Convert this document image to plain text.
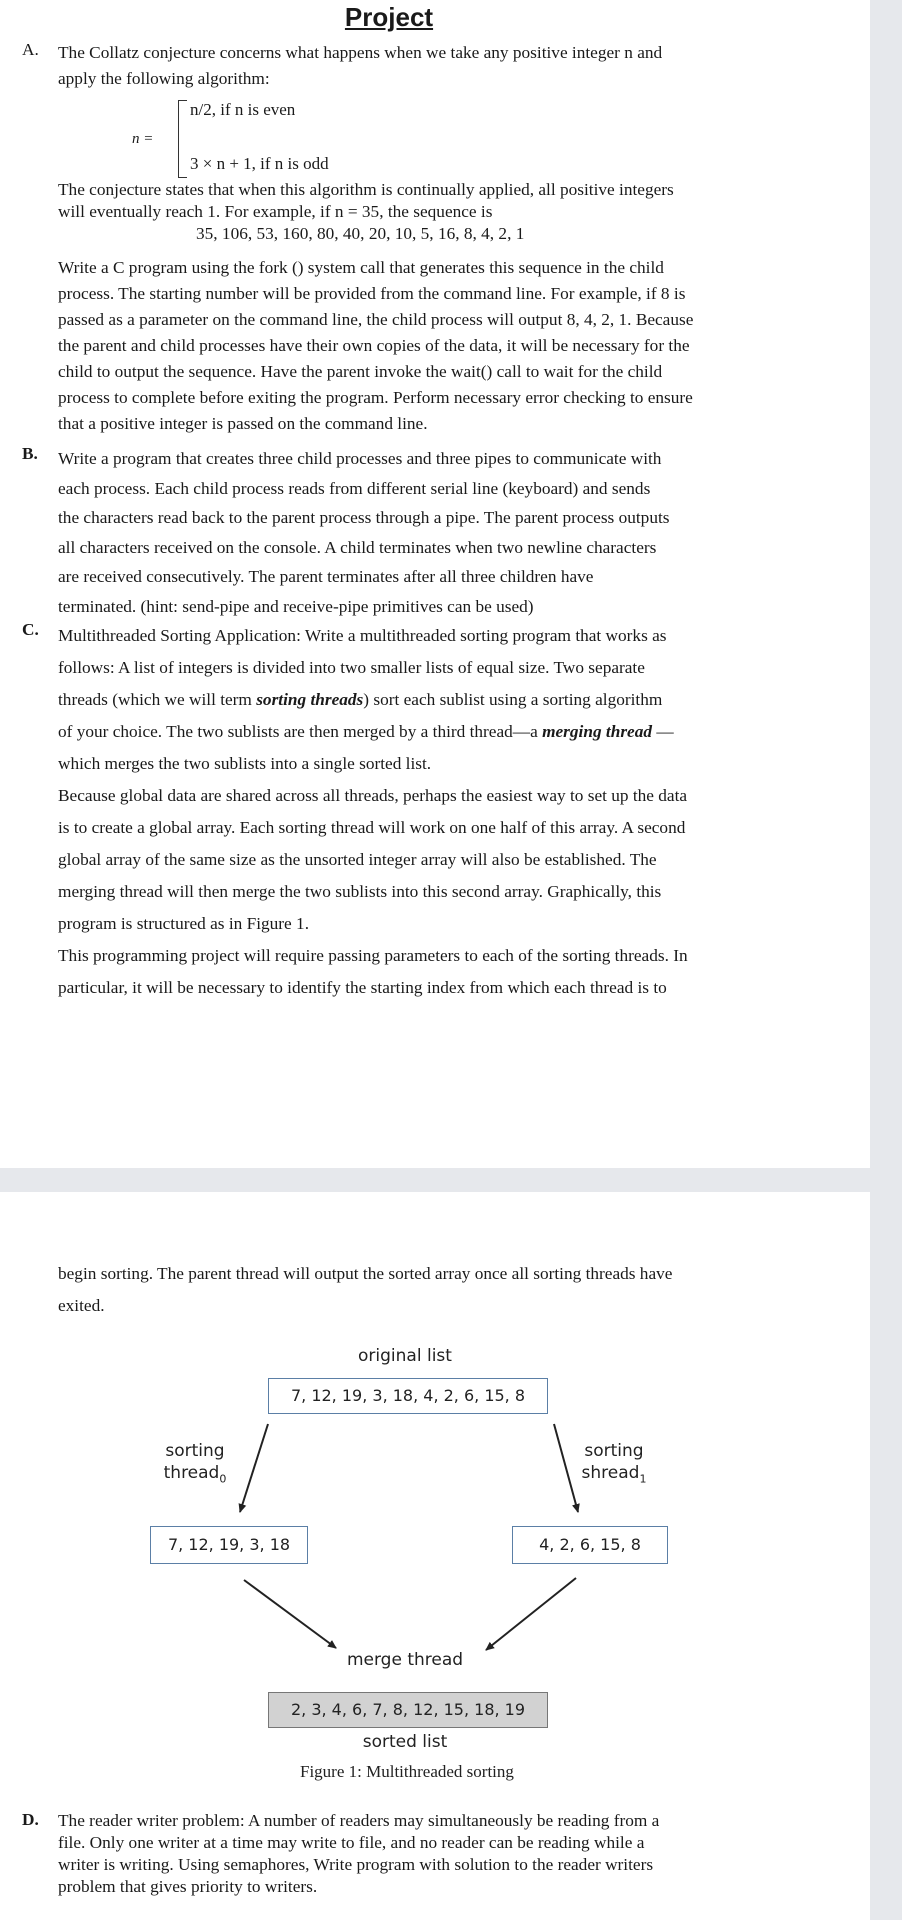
Project
A. The Collatz conjecture concerns what happens when we take any positive integer n and
apply the following algorithm:
n =
n/2, if n is even
3 × n + 1, if n is odd
The conjecture states that when this algorithm is continually applied, all positive integers
will eventually reach 1. For example, if n = 35, the sequence is
35, 106, 53, 160, 80, 40, 20, 10, 5, 16, 8, 4, 2, 1
Write a C program using the fork () system call that generates this sequence in the child
process. The starting number will be provided from the command line. For example, if 8 is
passed as a parameter on the command line, the child process will output 8, 4, 2, 1. Because
the parent and child processes have their own copies of the data, it will be necessary for the
child to output the sequence. Have the parent invoke the wait() call to wait for the child
process to complete before exiting the program. Perform necessary error checking to ensure
that a positive integer is passed on the command line.
B. Write a program that creates three child processes and three pipes to communicate with
each process. Each child process reads from different serial line (keyboard) and sends
the characters read back to the parent process through a pipe. The parent process outputs
all characters received on the console. A child terminates when two newline characters
are received consecutively. The parent terminates after all three children have
terminated. (hint: send-pipe and receive-pipe primitives can be used)
C. Multithreaded Sorting Application: Write a multithreaded sorting program that works as
follows: A list of integers is divided into two smaller lists of equal size. Two separate
threads (which we will term sorting threads) sort each sublist using a sorting algorithm
of your choice. The two sublists are then merged by a third thread—a merging thread —
which merges the two sublists into a single sorted list.
Because global data are shared across all threads, perhaps the easiest way to set up the data
is to create a global array. Each sorting thread will work on one half of this array. A second
global array of the same size as the unsorted integer array will also be established. The
merging thread will then merge the two sublists into this second array. Graphically, this
program is structured as in Figure 1.
This programming project will require passing parameters to each of the sorting threads. In
particular, it will be necessary to identify the starting index from which each thread is to
begin sorting. The parent thread will output the sorted array once all sorting threads have
exited.
original list
7, 12, 19, 3, 18, 4, 2, 6, 15, 8
sorting
thread$_0$
sorting
shread$_1$
7, 12, 19, 3, 18	4, 2, 6, 15, 8
merge thread
2, 3, 4, 6, 7, 8, 12, 15, 18, 19
sorted list
Figure 1: Multithreaded sorting
D. The reader writer problem: A number of readers may simultaneously be reading from a
file. Only one writer at a time may write to file, and no reader can be reading while a
writer is writing. Using semaphores, Write program with solution to the reader writers
problem that gives priority to writers.
